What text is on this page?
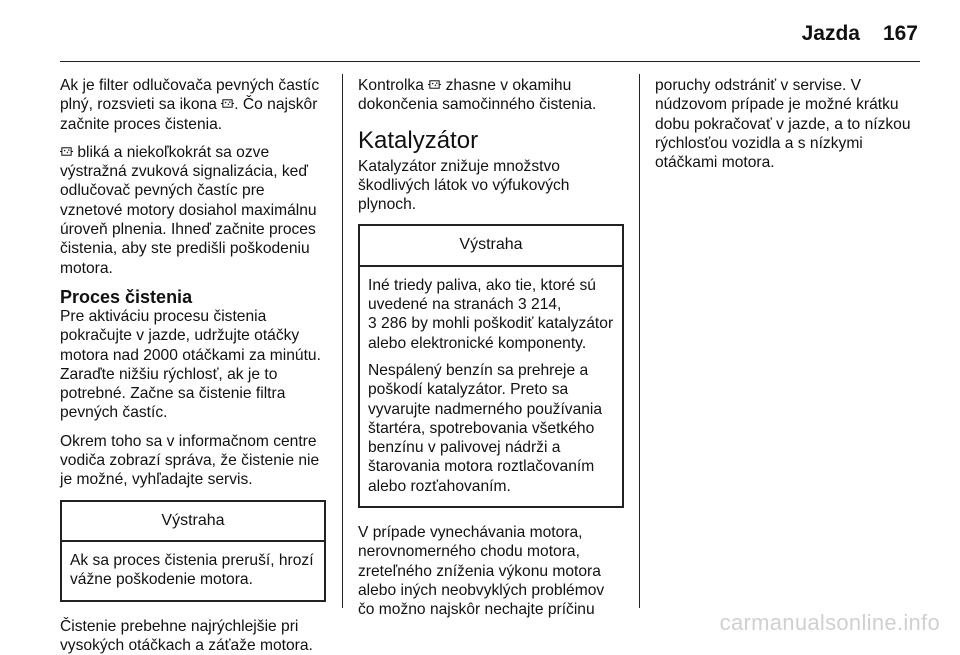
Jazda 167

Ak je filter odlučovača pevných častíc plný, rozsvieti sa ikona . Čo najskôr začnite proces čistenia.

bliká a niekoľkokrát sa ozve výstražná zvuková signalizácia, keď odlučovač pevných častíc pre vznetové motory dosiahol maximálnu úroveň plnenia. Ihneď začnite proces čistenia, aby ste predišli poškodeniu motora.

Proces čistenia

Pre aktiváciu procesu čistenia pokračujte v jazde, udržujte otáčky motora nad 2000 otáčkami za minútu. Zaraďte nižšiu rýchlosť, ak je to potrebné. Začne sa čistenie filtra pevných častíc.

Okrem toho sa v informačnom centre vodiča zobrazí správa, že čistenie nie je možné, vyhľadajte servis.

Výstraha

Ak sa proces čistenia preruší, hrozí vážne poškodenie motora.

Čistenie prebehne najrýchlejšie pri vysokých otáčkach a záťaže motora.

Kontrolka zhasne v okamihu dokončenia samočinného čistenia.

Katalyzátor

Katalyzátor znižuje množstvo škodlivých látok vo výfukových plynoch.

Výstraha

Iné triedy paliva, ako tie, ktoré sú uvedené na stranách 3 214,
3 286 by mohli poškodiť katalyzátor alebo elektronické komponenty.

Nespálený benzín sa prehreje a poškodí katalyzátor. Preto sa vyvarujte nadmerného používania štartéra, spotrebovania všetkého benzínu v palivovej nádrži a štarovania motora roztlačovaním alebo rozťahovaním.

V prípade vynechávania motora, nerovnomerného chodu motora, zreteľného zníženia výkonu motora alebo iných neobvyklých problémov čo možno najskôr nechajte príčinu

poruchy odstrániť v servise. V núdzovom prípade je možné krátku dobu pokračovať v jazde, a to nízkou rýchlosťou vozidla a s nízkymi otáčkami motora.

carmanualsonline.info
